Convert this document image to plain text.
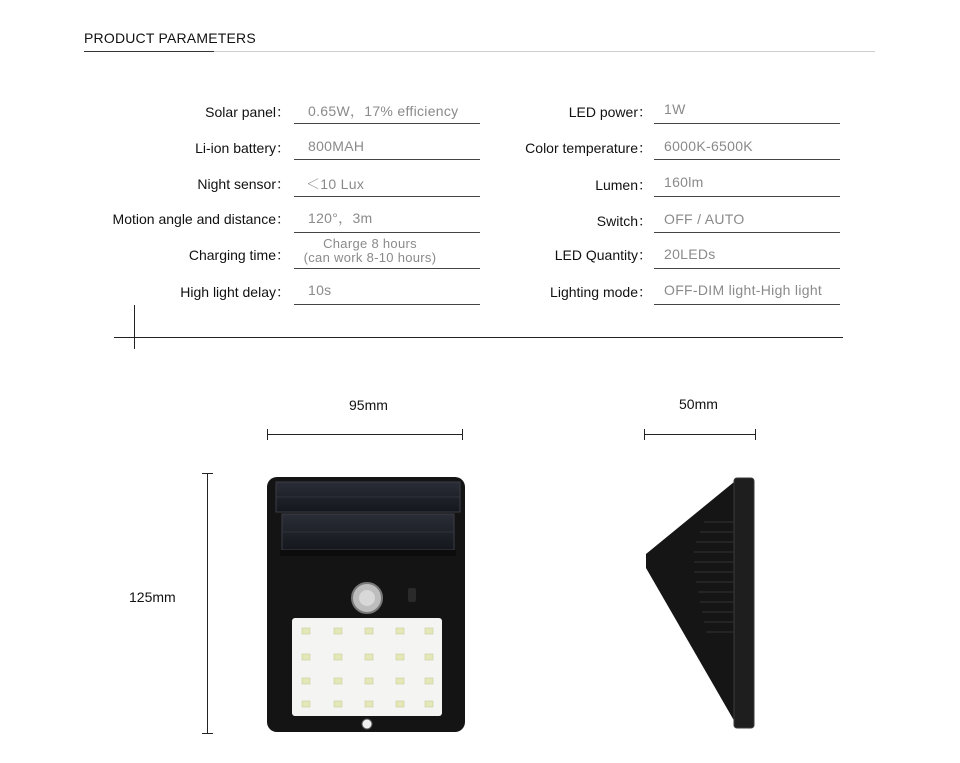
PRODUCT PARAMETERS
Solar panel： 0.65W，17% efficiency
Li-ion battery： 800MAH
Night sensor： ＜10 Lux
Motion angle and distance： 120°，3m
Charging time：
Charge 8 hours
(can work 8-10 hours)
High light delay： 10s
LED power： 1W
Color temperature： 6000K-6500K
Lumen： 160lm
Switch： OFF / AUTO
LED Quantity： 20LEDs
Lighting mode： OFF-DIM light-High light
95mm	50mm
125mm
